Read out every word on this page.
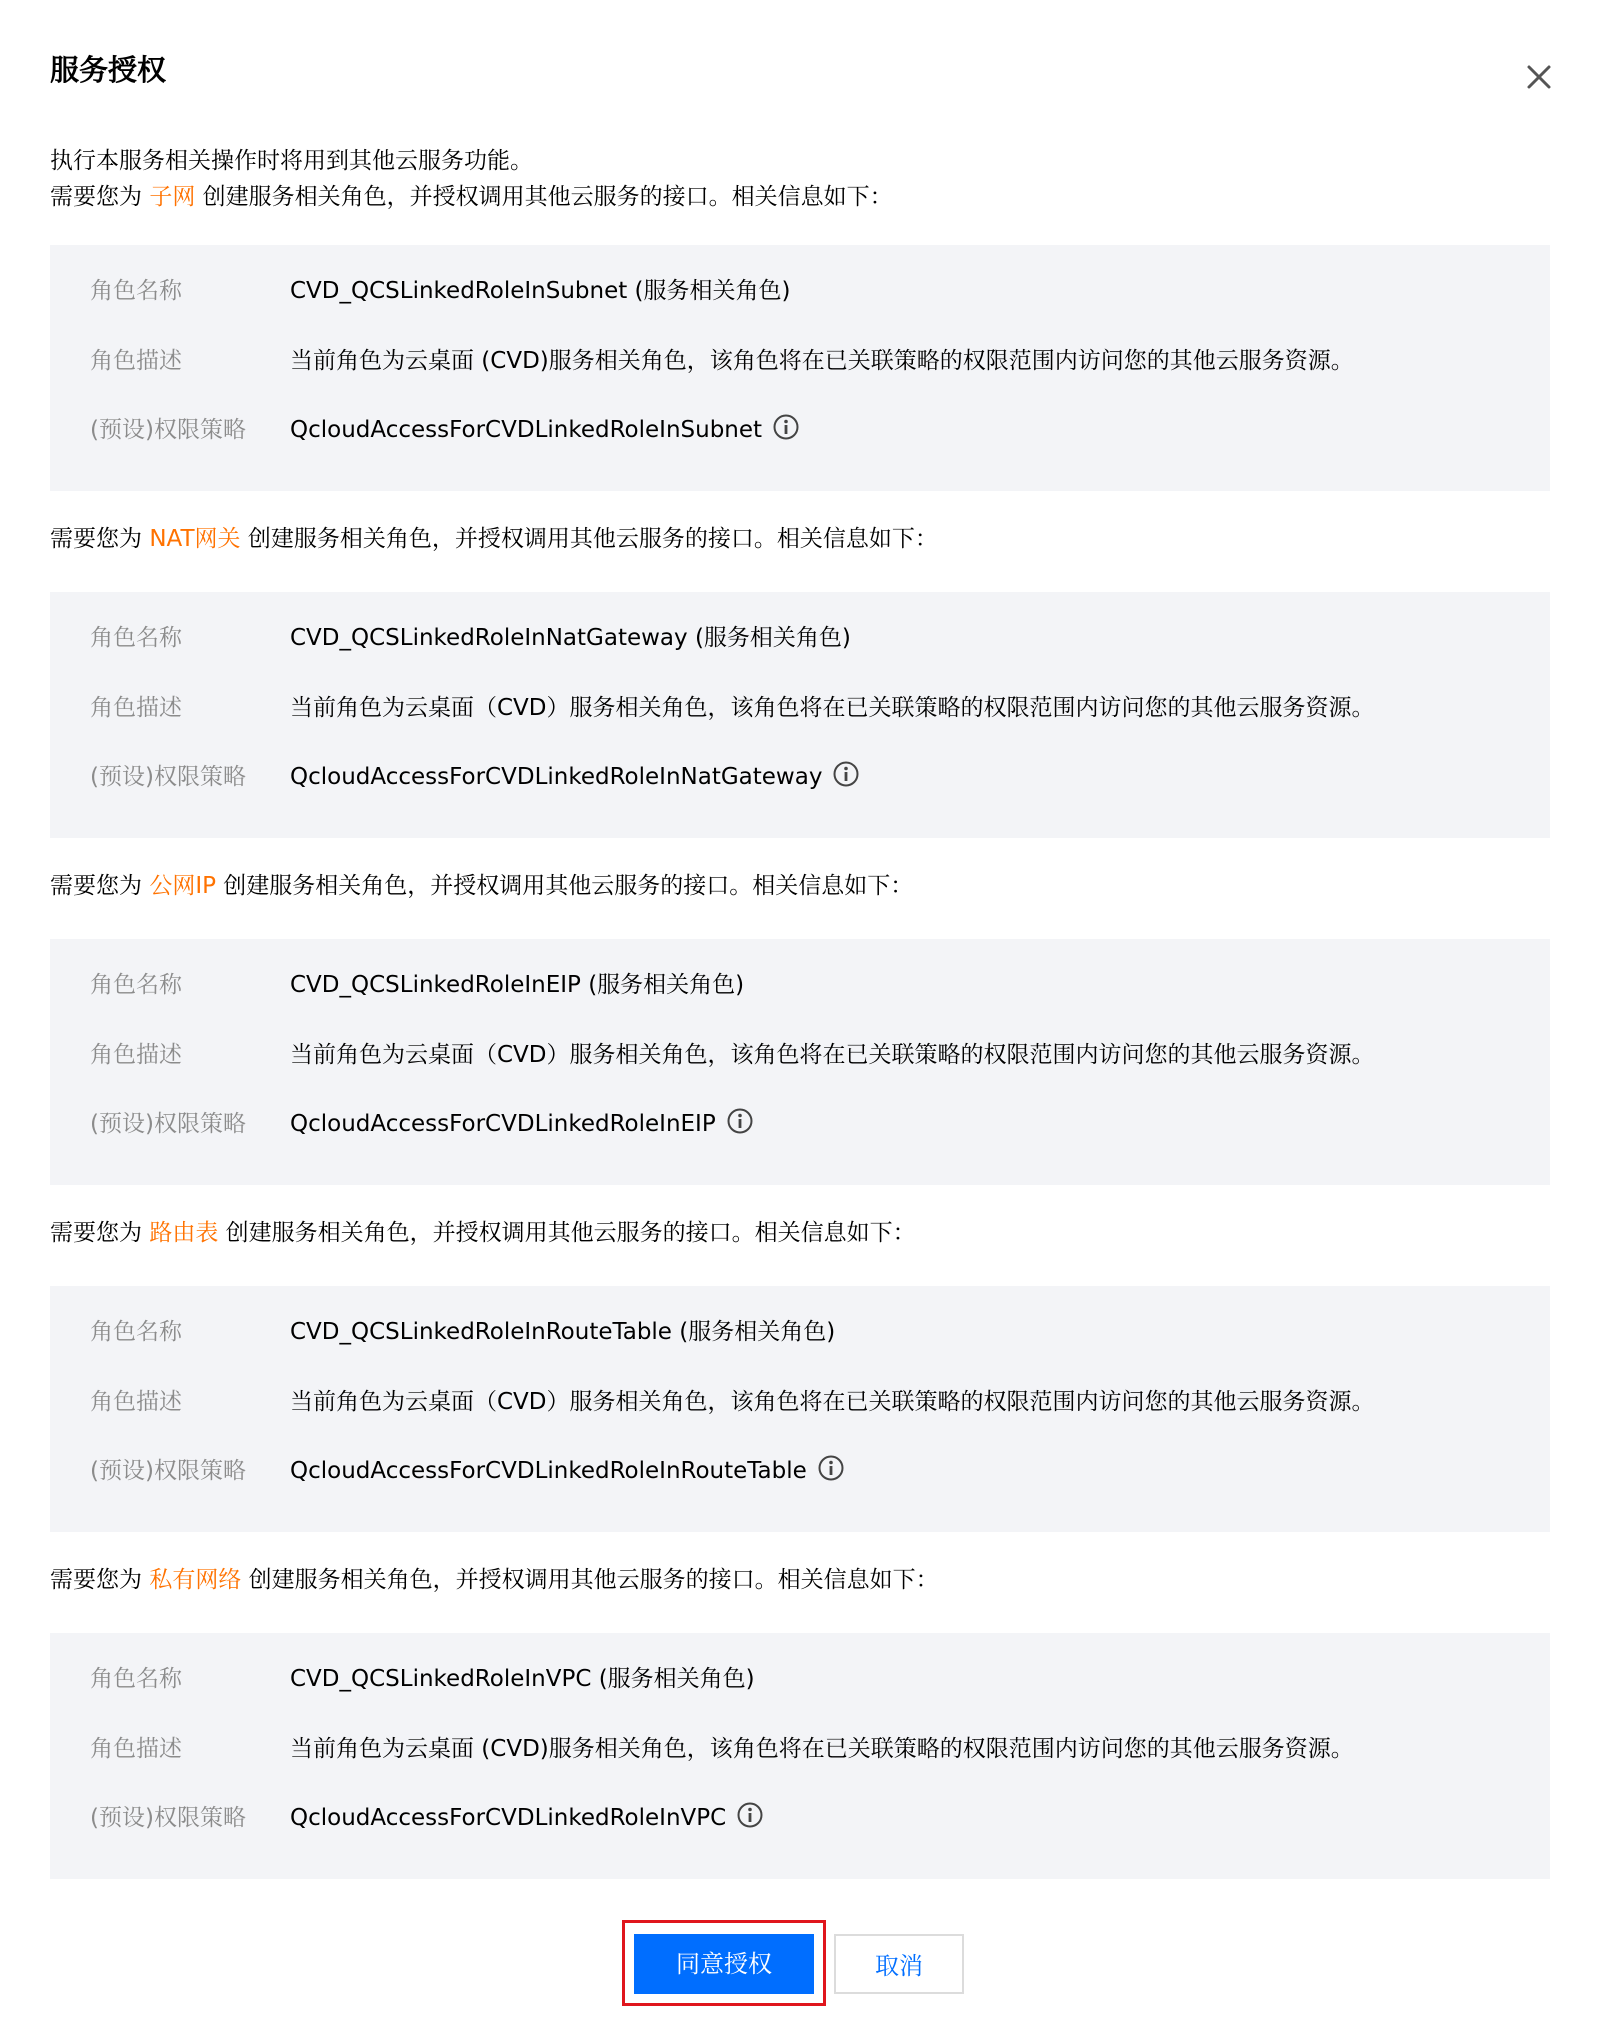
服务授权
执行本服务相关操作时将用到其他云服务功能。
需要您为 子网 创建服务相关角色，并授权调用其他云服务的接口。相关信息如下：
角色名称	CVD_QCSLinkedRoleInSubnet (服务相关角色)
角色描述	当前角色为云桌面 (CVD)服务相关角色，该角色将在已关联策略的权限范围内访问您的其他云服务资源。
(预设)权限策略 QcloudAccessForCVDLinkedRoleInSubnet
需要您为 NAT网关 创建服务相关角色，并授权调用其他云服务的接口。相关信息如下：
角色名称	CVD_QCSLinkedRoleInNatGateway (服务相关角色)
角色描述	当前角色为云桌面（CVD）服务相关角色，该角色将在已关联策略的权限范围内访问您的其他云服务资源。
(预设)权限策略 QcloudAccessForCVDLinkedRoleInNatGateway
需要您为 公网IP 创建服务相关角色，并授权调用其他云服务的接口。相关信息如下：
角色名称	CVD_QCSLinkedRoleInEIP (服务相关角色)
角色描述	当前角色为云桌面（CVD）服务相关角色，该角色将在已关联策略的权限范围内访问您的其他云服务资源。
(预设)权限策略 QcloudAccessForCVDLinkedRoleInEIP
需要您为 路由表 创建服务相关角色，并授权调用其他云服务的接口。相关信息如下：
角色名称	CVD_QCSLinkedRoleInRouteTable (服务相关角色)
角色描述	当前角色为云桌面（CVD）服务相关角色，该角色将在已关联策略的权限范围内访问您的其他云服务资源。
(预设)权限策略 QcloudAccessForCVDLinkedRoleInRouteTable
需要您为 私有网络 创建服务相关角色，并授权调用其他云服务的接口。相关信息如下：
角色名称	CVD_QCSLinkedRoleInVPC (服务相关角色)
角色描述	当前角色为云桌面 (CVD)服务相关角色，该角色将在已关联策略的权限范围内访问您的其他云服务资源。
(预设)权限策略 QcloudAccessForCVDLinkedRoleInVPC
同意授权	取消
